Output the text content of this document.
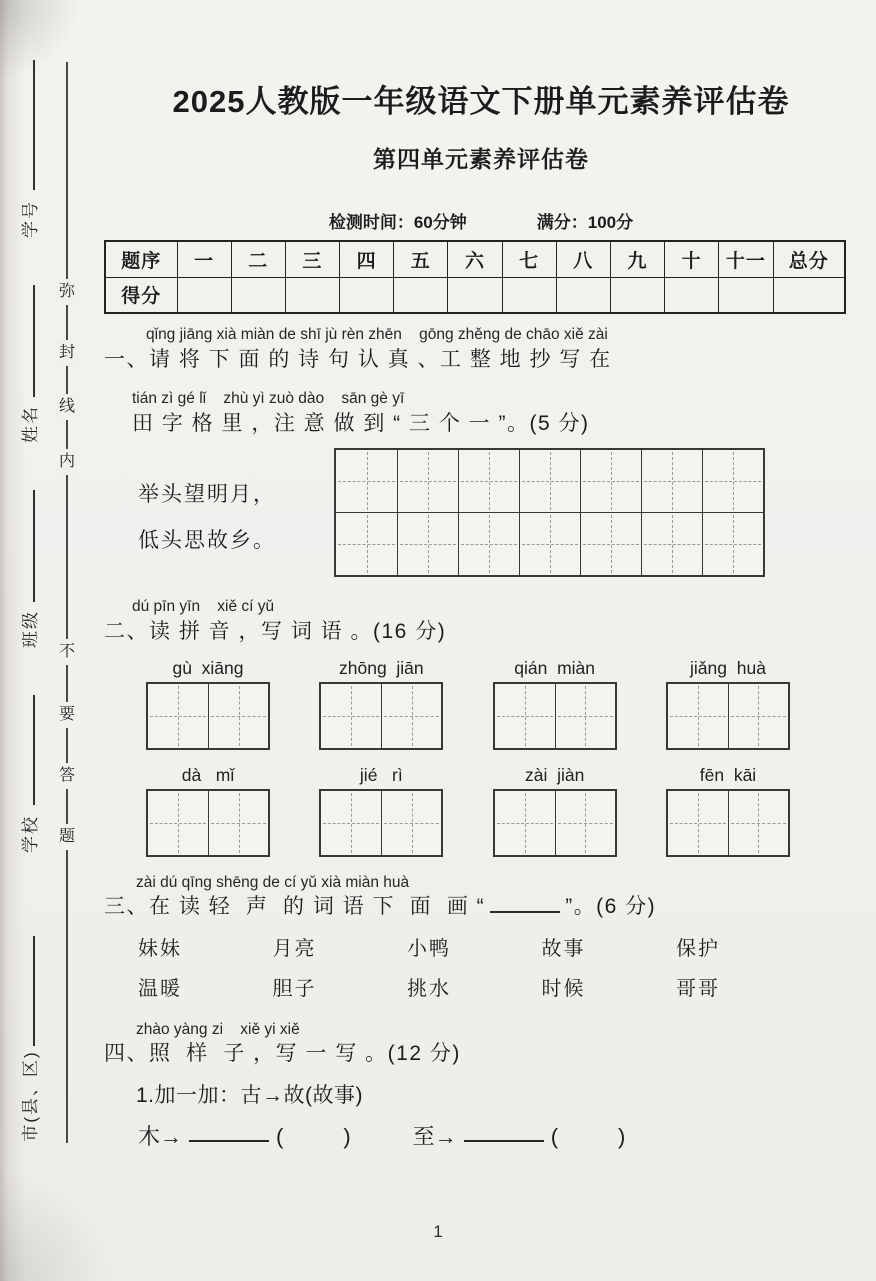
学号
姓名
班级
学校
市(县、区)
弥
封
线
内
不
要
答
题
2025人教版一年级语文下册单元素养评估卷
第四单元素养评估卷
检测时间：60分钟	满分：100分
题序	一	二	三	四	五	六	七	八	九	十	十一	总分
得分												
qǐng jiāng xià miàn de shī jù rèn zhēn    gōng zhěng de chāo xiě zài
一、请 将 下 面 的 诗 句 认 真 、工 整 地 抄 写 在
tián zì gé lǐ    zhù yì zuò dào    sān gè yī
田 字 格 里 ，注 意 做 到 “ 三 个 一 ”。(5 分)
举头望明月，
低头思故乡。
dú pīn yīn    xiě cí yǔ
二、读 拼 音 ，写 词 语 。(16 分)
gù  xiāng	zhōng  jiān	qián  miàn	jiǎng  huà
dà   mǐ	jié   rì	zài  jiàn	fēn  kāi
zài dú qīng shēng de cí yǔ xià miàn huà
三、在 读 轻  声  的 词 语 下  面  画 “	”。(6 分)
妹妹	月亮	小鸭	故事	保护
温暖	胆子	挑水	时候	哥哥
zhào yàng zi    xiě yi xiě
四、照  样  子 ，写 一 写 。(12 分)
1.加一加：古→故(故事)
木→	(	)	至→	(	)
1
